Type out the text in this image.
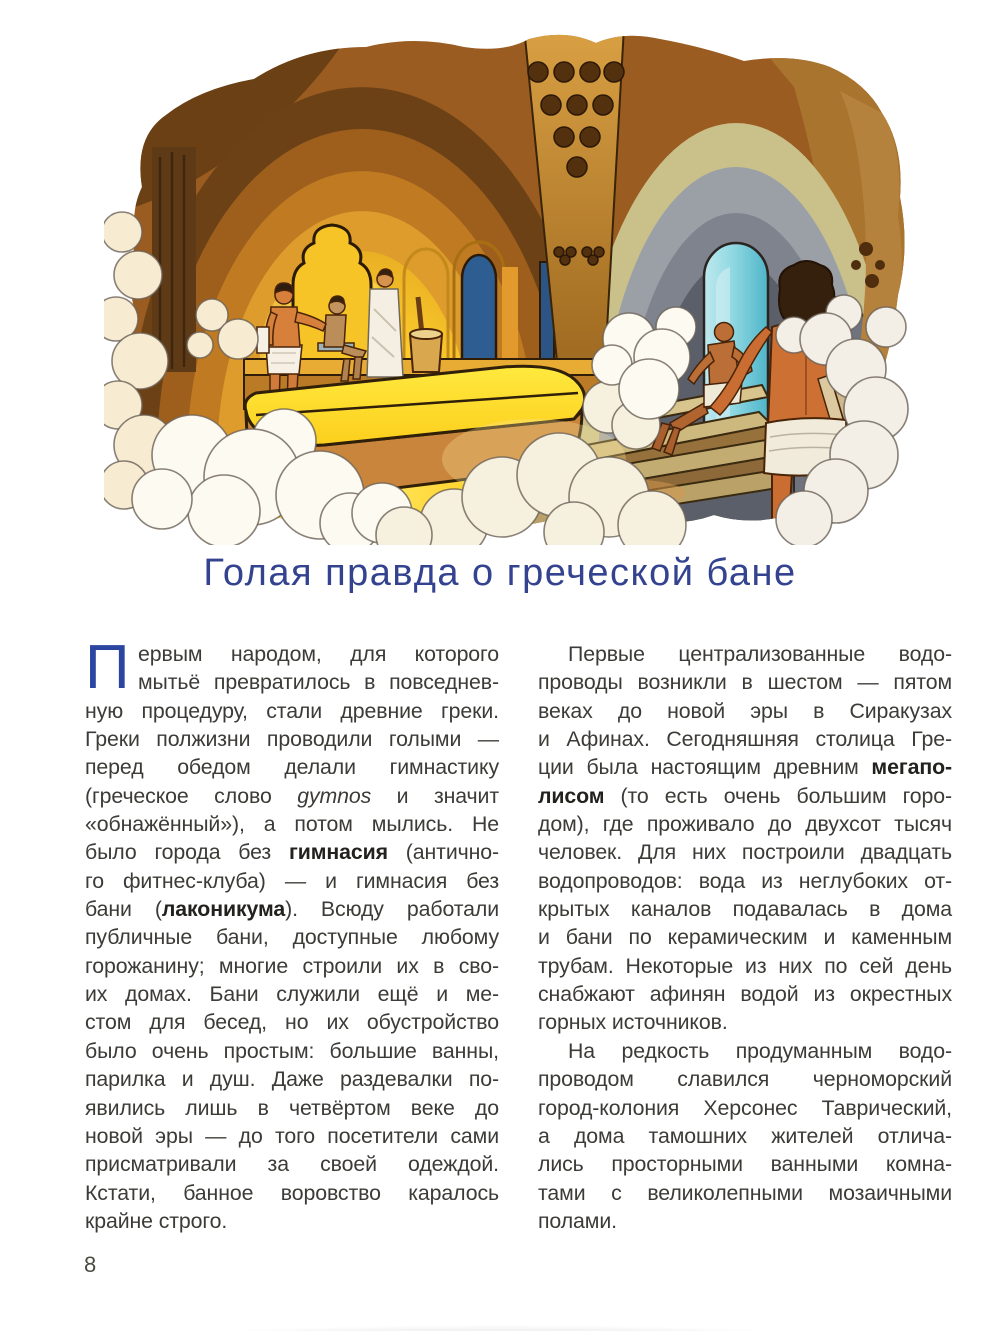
Голая правда о греческой бане
П ервым народом, для которого
мытьё превратилось в повседнев-
ную процедуру, стали древние греки.
Греки полжизни проводили голыми —
перед обедом делали гимнастику
(греческое слово gymnos и значит
«обнажённый»), а потом мылись. Не
было города без гимнасия (антично-
го фитнес-клуба) — и гимнасия без
бани (лаконикума). Всюду работали
публичные бани, доступные любому
горожанину; многие строили их в сво-
их домах. Бани служили ещё и ме-
стом для бесед, но их обустройство
было очень простым: большие ванны,
парилка и душ. Даже раздевалки по-
явились лишь в четвёртом веке до
новой эры — до того посетители сами
присматривали за своей одеждой.
Кстати, банное воровство каралось
крайне строго.
Первые централизованные водо-
проводы возникли в шестом — пятом
веках до новой эры в Сиракузах
и Афинах. Сегодняшняя столица Гре-
ции была настоящим древним мегапо-
лисом (то есть очень большим горо-
дом), где проживало до двухсот тысяч
человек. Для них построили двадцать
водопроводов: вода из неглубоких от-
крытых каналов подавалась в дома
и бани по керамическим и каменным
трубам. Некоторые из них по сей день
снабжают афинян водой из окрестных
горных источников.
На редкость продуманным водо-
проводом славился черноморский
город-колония Херсонес Таврический,
а дома тамошних жителей отлича-
лись просторными ванными комна-
тами с великолепными мозаичными
полами.
8
